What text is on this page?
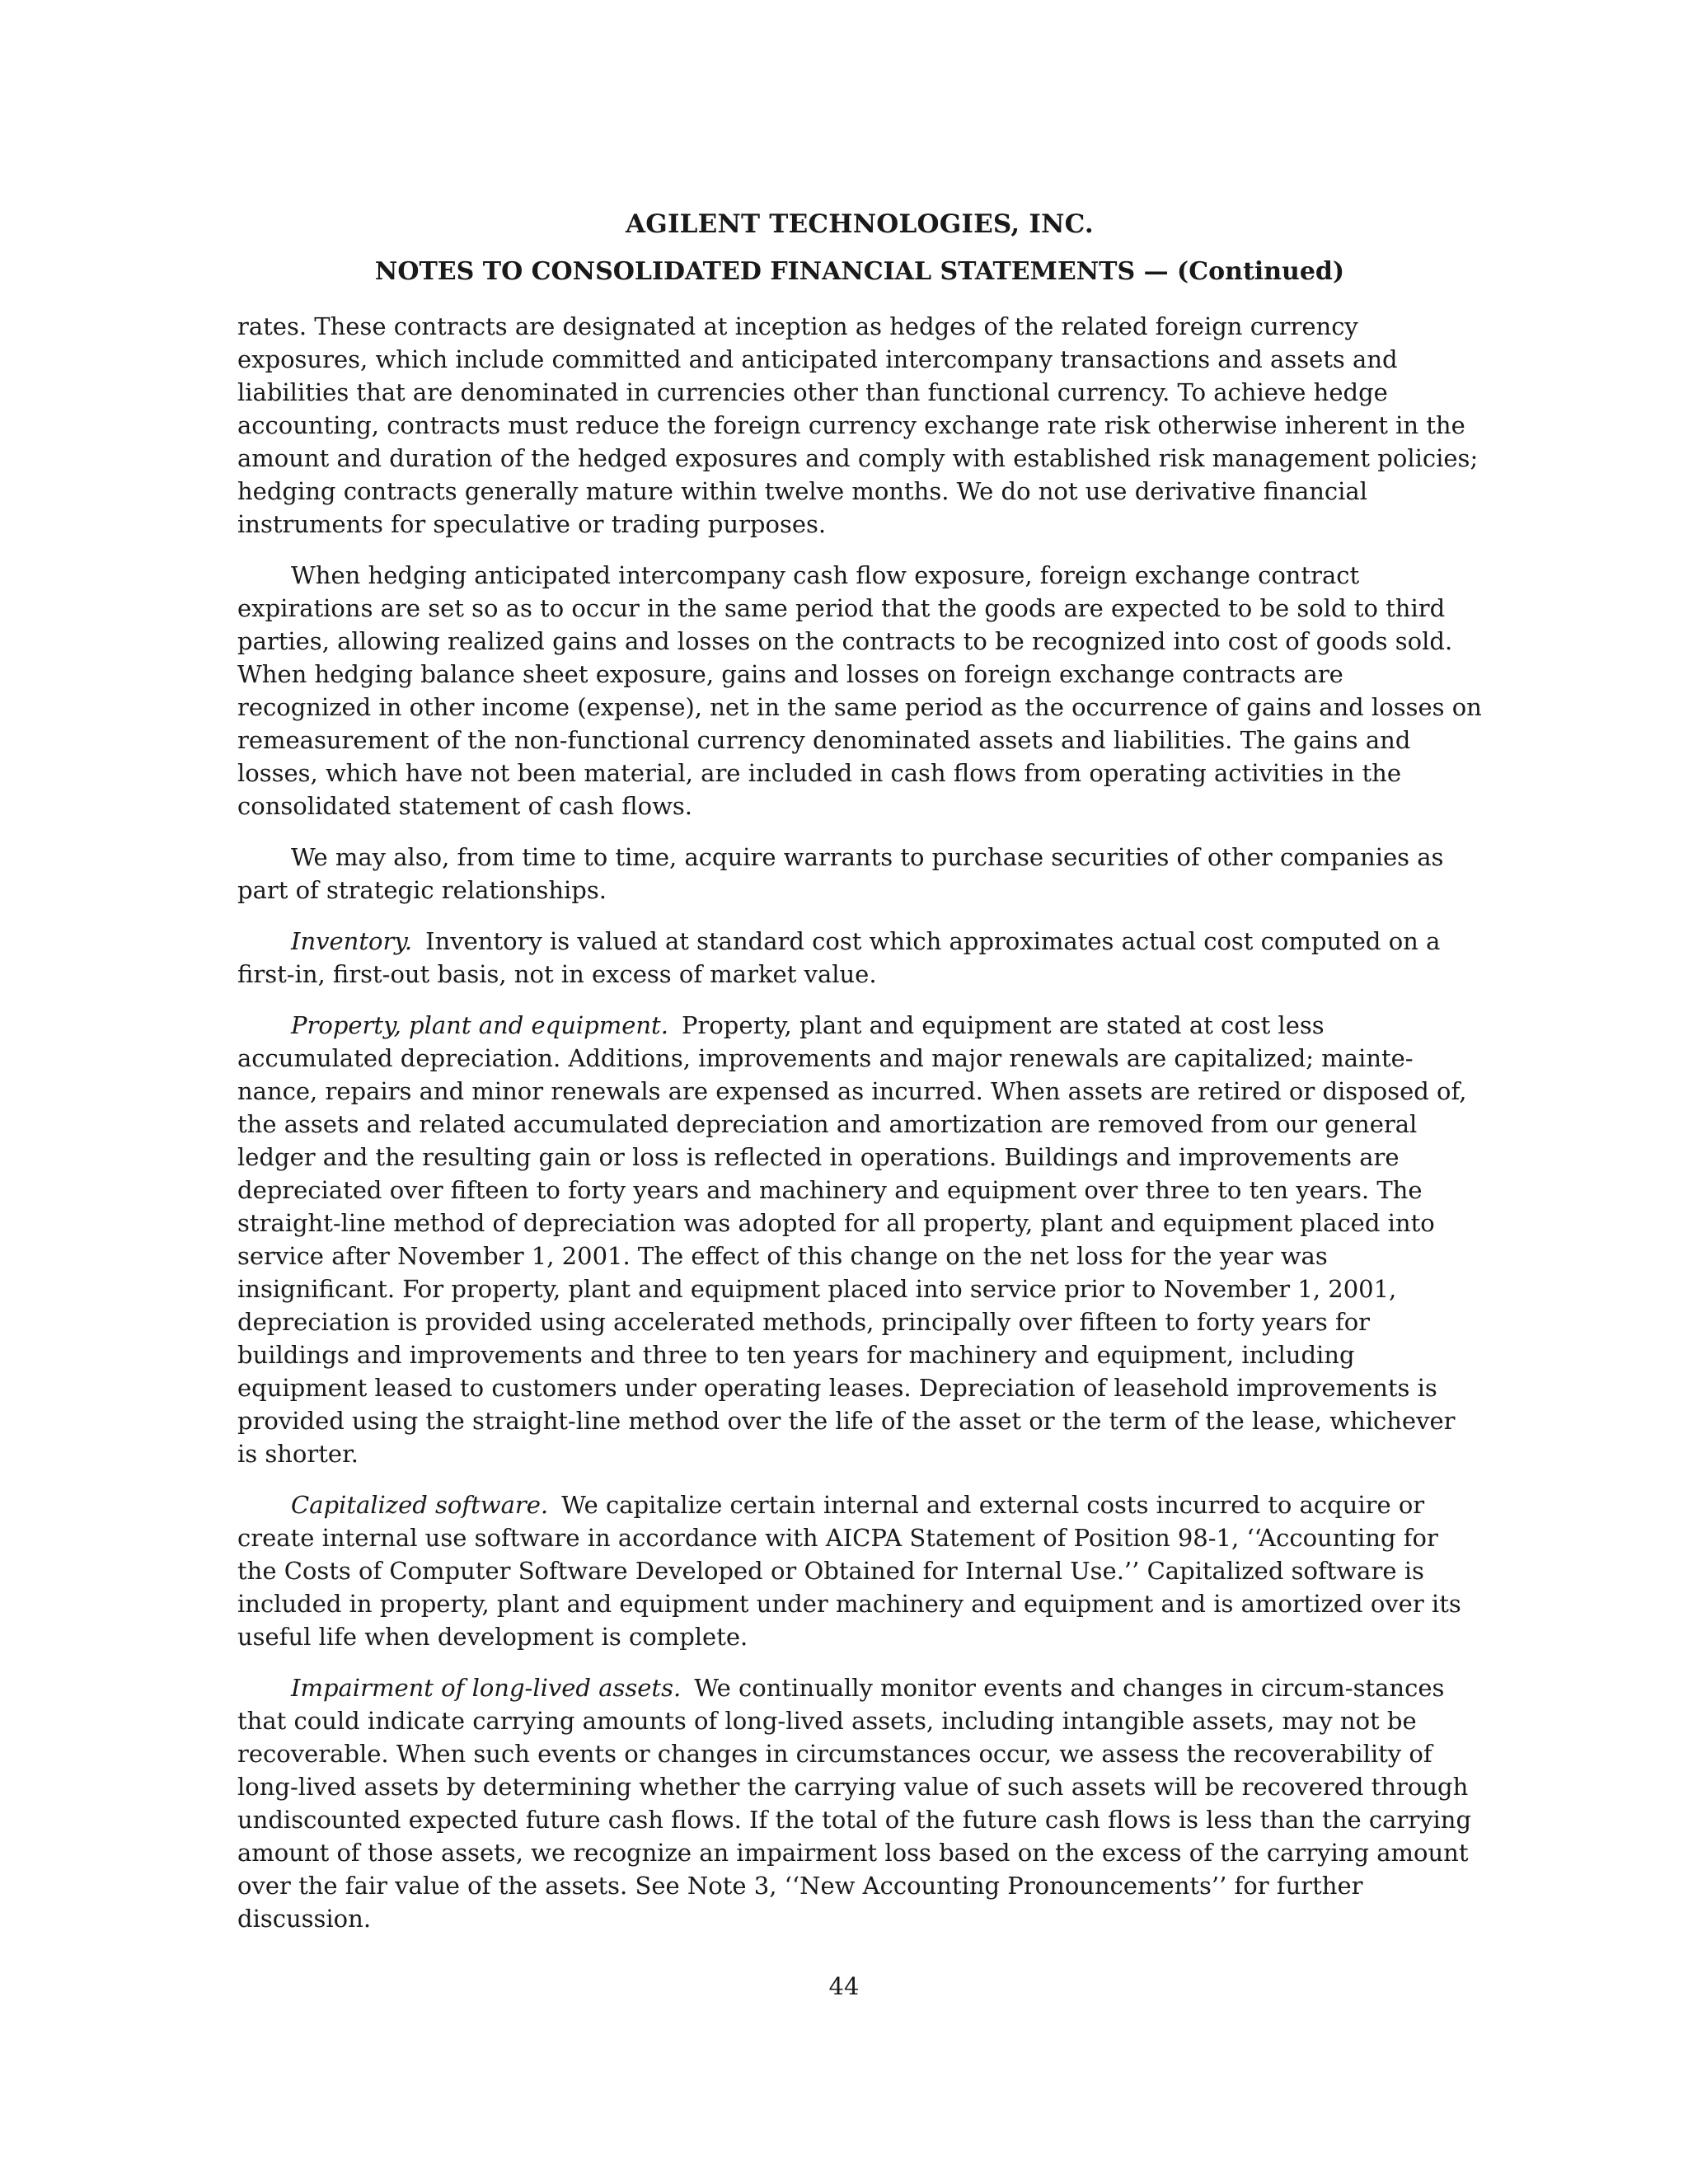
AGILENT TECHNOLOGIES, INC.
NOTES TO CONSOLIDATED FINANCIAL STATEMENTS — (Continued)

rates. These contracts are designated at inception as hedges of the related foreign currency exposures, which include committed and anticipated intercompany transactions and assets and liabilities that are denominated in currencies other than functional currency. To achieve hedge accounting, contracts must reduce the foreign currency exchange rate risk otherwise inherent in the amount and duration of the hedged exposures and comply with established risk management policies; hedging contracts generally mature within twelve months. We do not use derivative financial instruments for speculative or trading purposes.

When hedging anticipated intercompany cash flow exposure, foreign exchange contract expirations are set so as to occur in the same period that the goods are expected to be sold to third parties, allowing realized gains and losses on the contracts to be recognized into cost of goods sold. When hedging balance sheet exposure, gains and losses on foreign exchange contracts are recognized in other income (expense), net in the same period as the occurrence of gains and losses on remeasurement of the non-functional currency denominated assets and liabilities. The gains and losses, which have not been material, are included in cash flows from operating activities in the consolidated statement of cash flows.

We may also, from time to time, acquire warrants to purchase securities of other companies as part of strategic relationships.

Inventory. Inventory is valued at standard cost which approximates actual cost computed on a first-in, first-out basis, not in excess of market value.

Property, plant and equipment. Property, plant and equipment are stated at cost less accumulated depreciation. Additions, improvements and major renewals are capitalized; mainte-nance, repairs and minor renewals are expensed as incurred. When assets are retired or disposed of, the assets and related accumulated depreciation and amortization are removed from our general ledger and the resulting gain or loss is reflected in operations. Buildings and improvements are depreciated over fifteen to forty years and machinery and equipment over three to ten years. The straight-line method of depreciation was adopted for all property, plant and equipment placed into service after November 1, 2001. The effect of this change on the net loss for the year was insignificant. For property, plant and equipment placed into service prior to November 1, 2001, depreciation is provided using accelerated methods, principally over fifteen to forty years for buildings and improvements and three to ten years for machinery and equipment, including equipment leased to customers under operating leases. Depreciation of leasehold improvements is provided using the straight-line method over the life of the asset or the term of the lease, whichever is shorter.

Capitalized software. We capitalize certain internal and external costs incurred to acquire or create internal use software in accordance with AICPA Statement of Position 98-1, ‘‘Accounting for the Costs of Computer Software Developed or Obtained for Internal Use.’’ Capitalized software is included in property, plant and equipment under machinery and equipment and is amortized over its useful life when development is complete.

Impairment of long-lived assets. We continually monitor events and changes in circum-stances that could indicate carrying amounts of long-lived assets, including intangible assets, may not be recoverable. When such events or changes in circumstances occur, we assess the recoverability of long-lived assets by determining whether the carrying value of such assets will be recovered through undiscounted expected future cash flows. If the total of the future cash flows is less than the carrying amount of those assets, we recognize an impairment loss based on the excess of the carrying amount over the fair value of the assets. See Note 3, ‘‘New Accounting Pronouncements’’ for further discussion.

44
